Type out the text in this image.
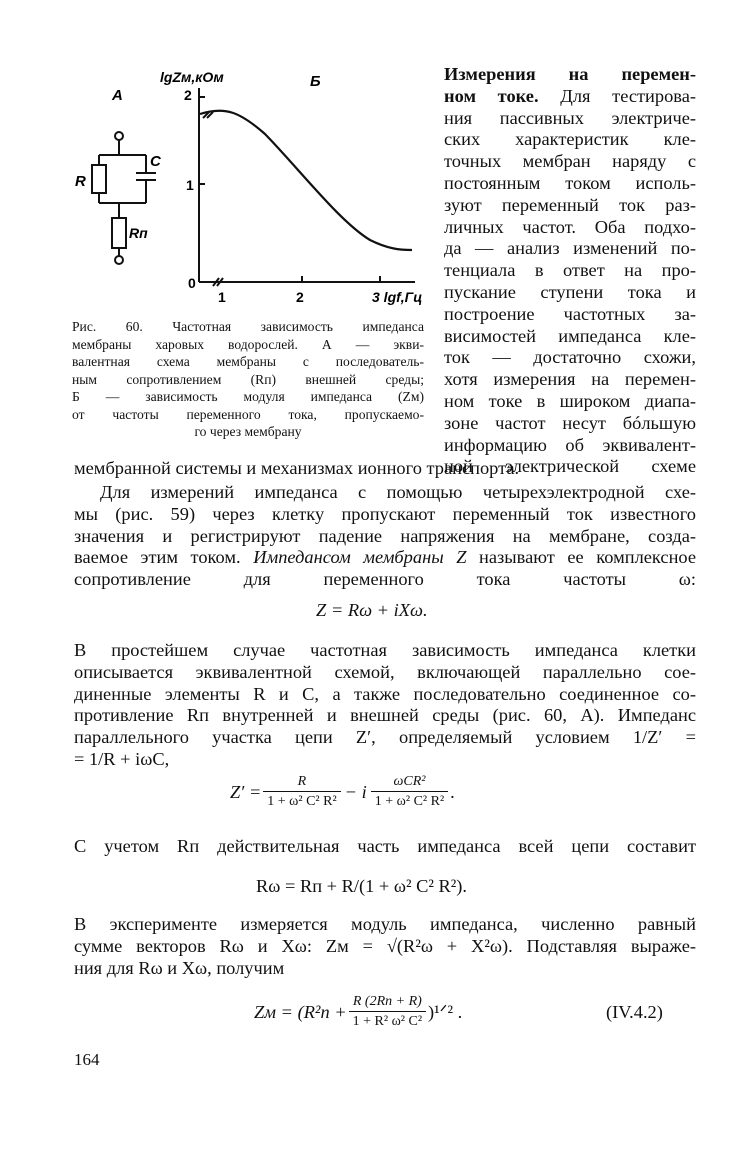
А
R
C
Rп
Б
lgZм,кОм
2
1
0
1	2	3 lgf,Гц
Рис. 60. Частотная зависимость импеданса
мембраны харовых водорослей. А — экви-
валентная схема мембраны с последователь-
ным сопротивлением (Rп) внешней среды;
Б — зависимость модуля импеданса (Zм)
от частоты переменного тока, пропускаемо-
го через мембрану
Измерения на перемен-
ном токе. Для тестирова-
ния пассивных электриче-
ских характеристик кле-
точных мембран наряду с
постоянным током исполь-
зуют переменный ток раз-
личных частот. Оба подхо-
да — анализ изменений по-
тенциала в ответ на про-
пускание ступени тока и
построение частотных за-
висимостей импеданса кле-
ток — достаточно схожи,
хотя измерения на перемен-
ном токе в широком диапа-
зоне частот несут бóльшую
информацию об эквивалент-
ной электрической схеме
мембранной системы и механизмах ионного транспорта.
Для измерений импеданса с помощью четырехэлектродной схе-
мы (рис. 59) через клетку пропускают переменный ток известного
значения и регистрируют падение напряжения на мембране, созда-
ваемое этим током. Импедансом мембраны Z называют ее комплексное
сопротивление для переменного тока частоты ω:
Z = Rω + iXω.
В простейшем случае частотная зависимость импеданса клетки
описывается эквивалентной схемой, включающей параллельно сое-
диненные элементы R и C, а также последовательно соединенное со-
противление Rп внутренней и внешней среды (рис. 60, А). Импеданс
параллельного участка цепи Z′, определяемый условием 1/Z′ =
= 1/R + iωC,
$Z' = \frac{R}{\text{1 + ω² C² R²}} - i \frac{\text{ωCR²}}{\text{1 + ω² C² R²}}$ .
С учетом Rп действительная часть импеданса всей цепи составит
Rω = Rп + R/(1 + ω² C² R²).
В эксперименте измеряется модуль импеданса, численно равный
сумме векторов Rω и Xω: Zм = √(R²ω + X²ω). Подставляя выраже-
ния для Rω и Xω, получим
Zм = ($R^2п + \frac{R (2Rп + R)}{\text{1 + R² ω² C²}}$ )¹ᐟ² .	(IV.4.2)
164
